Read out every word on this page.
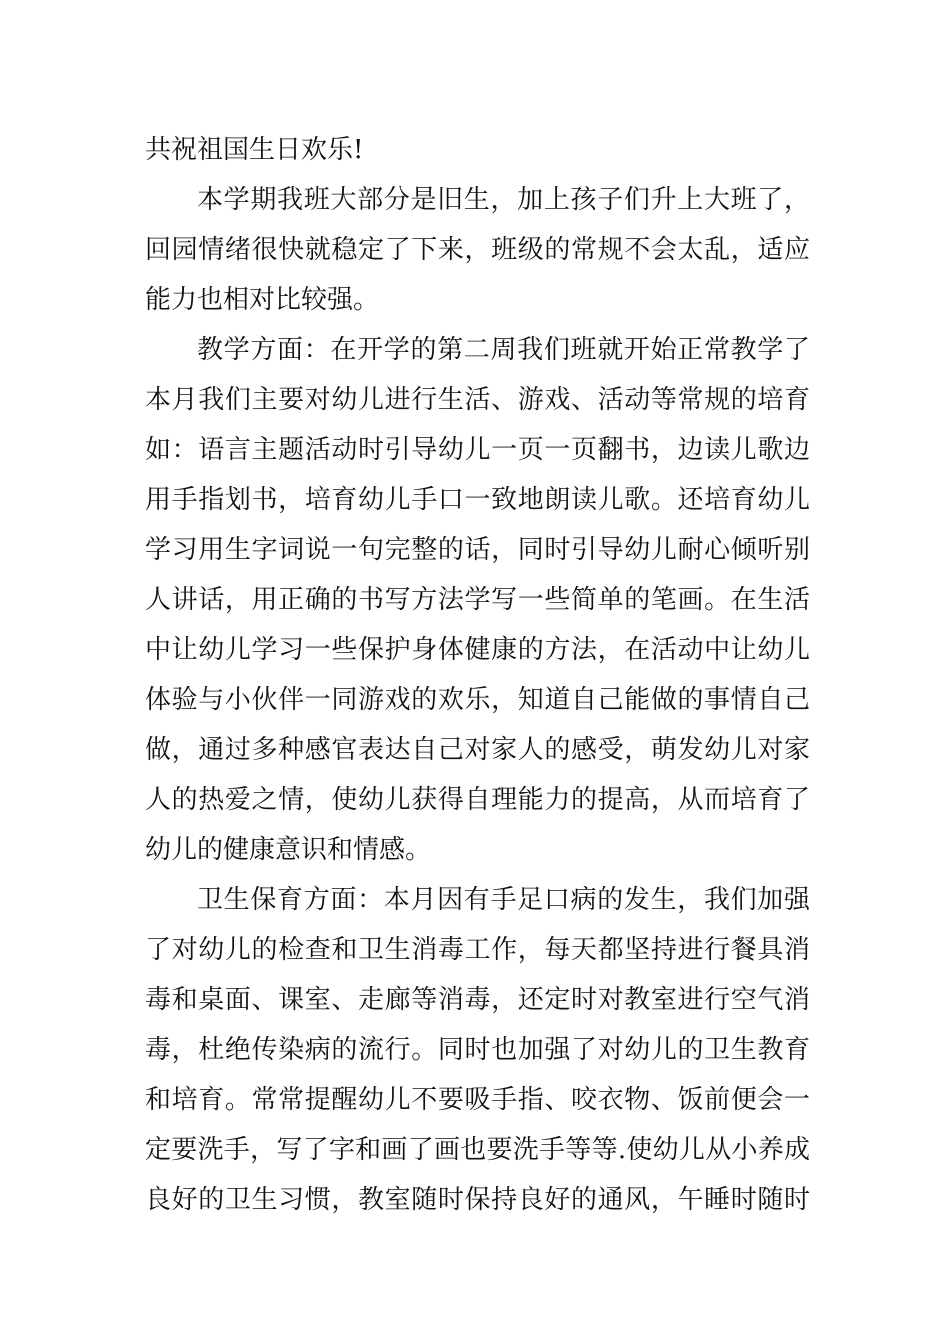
共祝祖国生日欢乐!
本学期我班大部分是旧生，加上孩子们升上大班了，
回园情绪很快就稳定了下来，班级的常规不会太乱，适应
能力也相对比较强。
教学方面：在开学的第二周我们班就开始正常教学了
本月我们主要对幼儿进行生活、游戏、活动等常规的培育
如：语言主题活动时引导幼儿一页一页翻书，边读儿歌边
用手指划书，培育幼儿手口一致地朗读儿歌。还培育幼儿
学习用生字词说一句完整的话，同时引导幼儿耐心倾听别
人讲话，用正确的书写方法学写一些简单的笔画。在生活
中让幼儿学习一些保护身体健康的方法，在活动中让幼儿
体验与小伙伴一同游戏的欢乐，知道自己能做的事情自己
做，通过多种感官表达自己对家人的感受，萌发幼儿对家
人的热爱之情，使幼儿获得自理能力的提高，从而培育了
幼儿的健康意识和情感。
卫生保育方面：本月因有手足口病的发生，我们加强
了对幼儿的检查和卫生消毒工作，每天都坚持进行餐具消
毒和桌面、课室、走廊等消毒，还定时对教室进行空气消
毒，杜绝传染病的流行。同时也加强了对幼儿的卫生教育
和培育。常常提醒幼儿不要吸手指、咬衣物、饭前便会一
定要洗手，写了字和画了画也要洗手等等.使幼儿从小养成
良好的卫生习惯，教室随时保持良好的通风，午睡时随时
